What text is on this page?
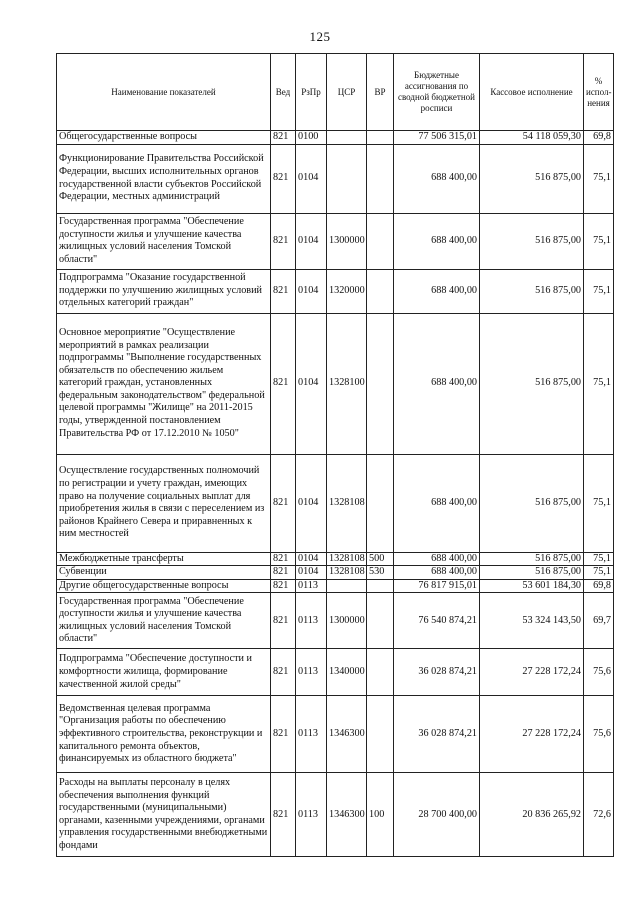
125
Наименование показателей	Вед	РзПр	ЦСР	ВР	Бюджетные ассигнования по сводной бюджетной росписи	Кассовое исполнение	% испол-нения
Общегосударственные вопросы	821	0100			77 506 315,01	54 118 059,30	69,8
Функционирование Правительства Российской Федерации, высших исполнительных органов государственной власти субъектов Российской Федерации, местных администраций	821	0104			688 400,00	516 875,00	75,1
Государственная программа "Обеспечение доступности жилья и улучшение качества жилищных условий населения Томской области"	821	0104	1300000		688 400,00	516 875,00	75,1
Подпрограмма "Оказание государственной поддержки по улучшению жилищных условий отдельных категорий граждан"	821	0104	1320000		688 400,00	516 875,00	75,1
Основное мероприятие "Осуществление мероприятий в рамках реализации подпрограммы "Выполнение государственных обязательств по обеспечению жильем категорий граждан, установленных федеральным законодательством" федеральной целевой программы "Жилище" на 2011-2015 годы, утвержденной постановлением Правительства РФ от 17.12.2010 № 1050"	821	0104	1328100		688 400,00	516 875,00	75,1
Осуществление государственных полномочий по регистрации и учету граждан, имеющих право на получение социальных выплат для приобретения жилья в связи с переселением из районов Крайнего Севера и приравненных к ним местностей	821	0104	1328108		688 400,00	516 875,00	75,1
Межбюджетные трансферты	821	0104	1328108	500	688 400,00	516 875,00	75,1
Субвенции	821	0104	1328108	530	688 400,00	516 875,00	75,1
Другие общегосударственные вопросы	821	0113			76 817 915,01	53 601 184,30	69,8
Государственная программа "Обеспечение доступности жилья и улучшение качества жилищных условий населения Томской области"	821	0113	1300000		76 540 874,21	53 324 143,50	69,7
Подпрограмма "Обеспечение доступности и комфортности жилища, формирование качественной жилой среды"	821	0113	1340000		36 028 874,21	27 228 172,24	75,6
Ведомственная целевая программа "Организация работы по обеспечению эффективного строительства, реконструкции и капитального ремонта объектов, финансируемых из областного бюджета"	821	0113	1346300		36 028 874,21	27 228 172,24	75,6
Расходы на выплаты персоналу в целях обеспечения выполнения функций государственными (муниципальными) органами, казенными учреждениями, органами управления государственными внебюджетными фондами	821	0113	1346300	100	28 700 400,00	20 836 265,92	72,6
